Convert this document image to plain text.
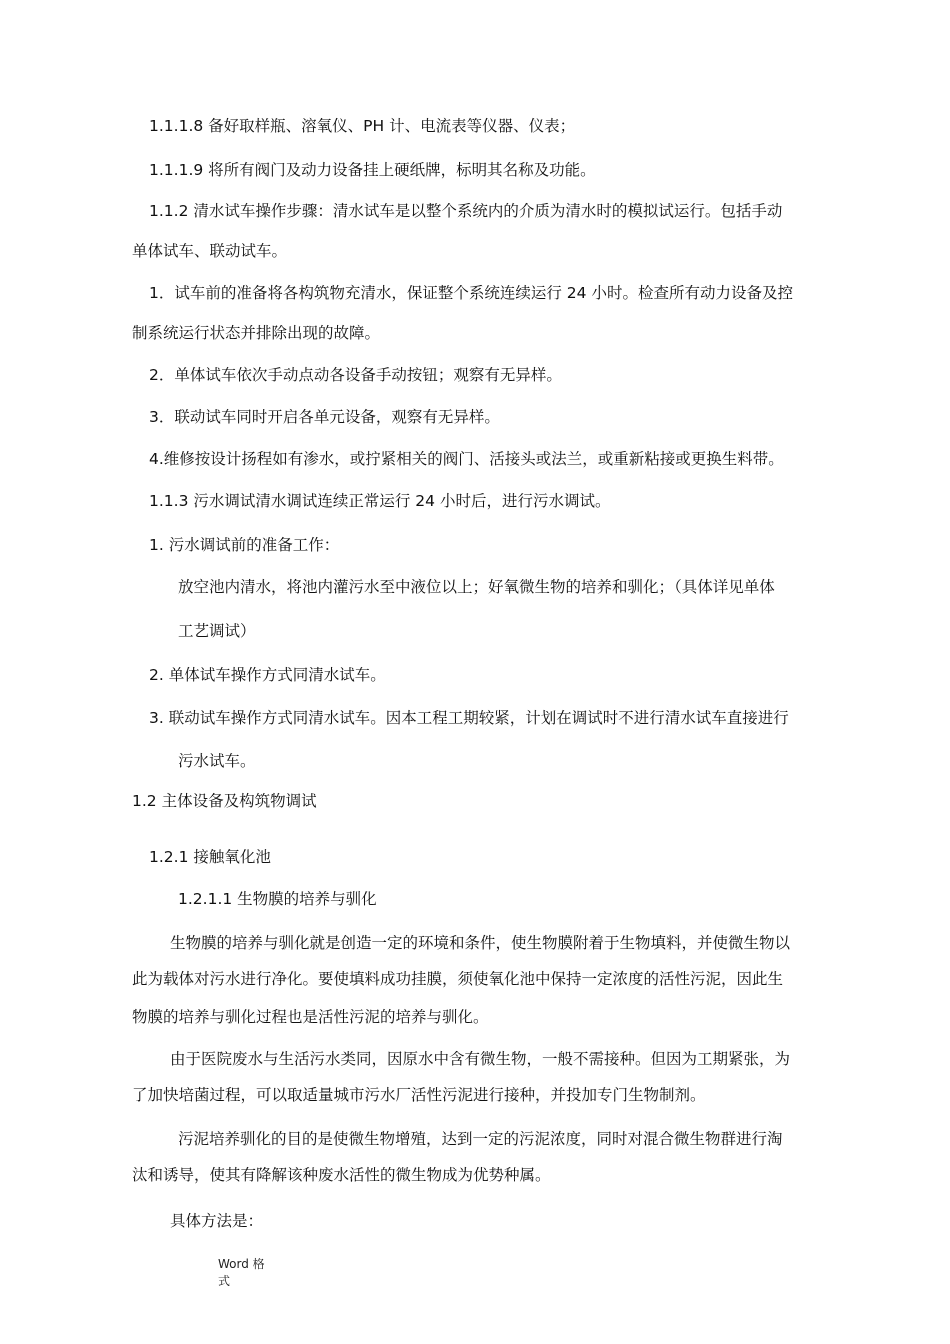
1.1.1.8 备好取样瓶、溶氧仪、PH 计、电流表等仪器、仪表；
1.1.1.9 将所有阀门及动力设备挂上硬纸牌，标明其名称及功能。
1.1.2 清水试车操作步骤：清水试车是以整个系统内的介质为清水时的模拟试运行。包括手动
单体试车、联动试车。
1．试车前的准备将各构筑物充清水，保证整个系统连续运行 24 小时。检查所有动力设备及控
制系统运行状态并排除出现的故障。
2．单体试车依次手动点动各设备手动按钮；观察有无异样。
3．联动试车同时开启各单元设备，观察有无异样。
4.维修按设计扬程如有渗水，或拧紧相关的阀门、活接头或法兰，或重新粘接或更换生料带。
1.1.3 污水调试清水调试连续正常运行 24 小时后，进行污水调试。
1. 污水调试前的准备工作：
放空池内清水，将池内灌污水至中液位以上；好氧微生物的培养和驯化；（具体详见单体
工艺调试）
2. 单体试车操作方式同清水试车。
3. 联动试车操作方式同清水试车。因本工程工期较紧，计划在调试时不进行清水试车直接进行
污水试车。
1.2 主体设备及构筑物调试
1.2.1 接触氧化池
1.2.1.1 生物膜的培养与驯化
生物膜的培养与驯化就是创造一定的环境和条件，使生物膜附着于生物填料，并使微生物以
此为载体对污水进行净化。要使填料成功挂膜，须使氧化池中保持一定浓度的活性污泥，因此生
物膜的培养与驯化过程也是活性污泥的培养与驯化。
由于医院废水与生活污水类同，因原水中含有微生物，一般不需接种。但因为工期紧张，为
了加快培菌过程，可以取适量城市污水厂活性污泥进行接种，并投加专门生物制剂。
污泥培养驯化的目的是使微生物增殖，达到一定的污泥浓度，同时对混合微生物群进行淘
汰和诱导，使其有降解该种废水活性的微生物成为优势种属。
具体方法是：
Word 格
式
